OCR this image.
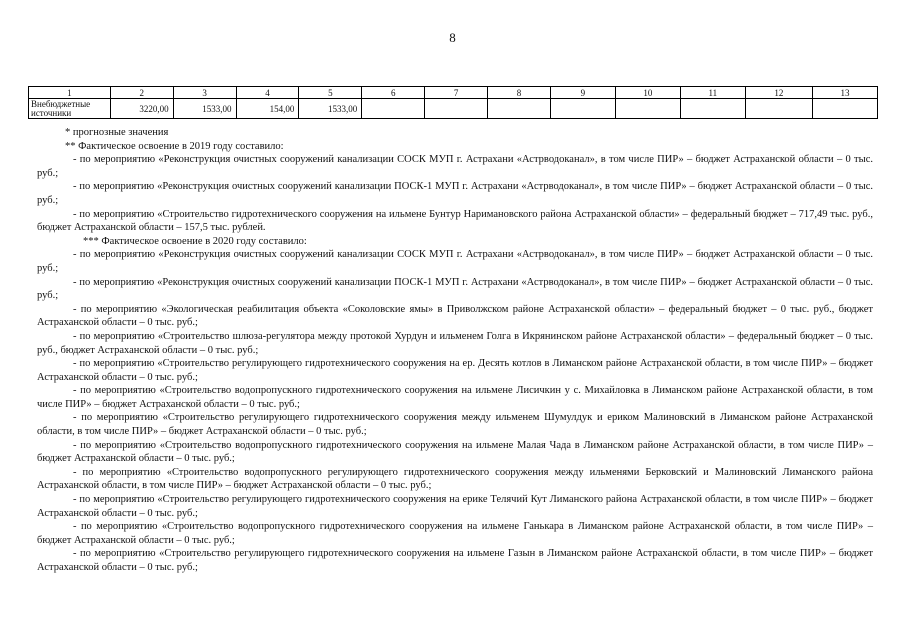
8
1	2	3	4	5	6	7	8	9	10	11	12	13
Внебюджетные источники	3220,00	1533,00	154,00	1533,00								

* прогнозные значения

** Фактическое освоение в 2019 году составило:

- по мероприятию «Реконструкция очистных сооружений канализации СОСК МУП г. Астрахани «Астрводоканал», в том числе ПИР» – бюджет Астраханской области – 0 тыс. руб.;

- по мероприятию «Реконструкция очистных сооружений канализации ПОСК-1 МУП г. Астрахани «Астрводоканал», в том числе ПИР» – бюджет Астраханской области – 0 тыс. руб.;

- по мероприятию «Строительство гидротехнического сооружения на ильмене Бунтур Наримановского района Астраханской области» – федеральный бюджет – 717,49 тыс. руб., бюджет Астраханской области – 157,5 тыс. рублей.

*** Фактическое освоение в 2020 году составило:

- по мероприятию «Реконструкция очистных сооружений канализации СОСК МУП г. Астрахани «Астрводоканал», в том числе ПИР» – бюджет Астраханской области – 0 тыс. руб.;

- по мероприятию «Реконструкция очистных сооружений канализации ПОСК-1 МУП г. Астрахани «Астрводоканал», в том числе ПИР» – бюджет Астраханской области – 0 тыс. руб.;

- по мероприятию «Экологическая реабилитация объекта «Соколовские ямы» в Приволжском районе Астраханской области» – федеральный бюджет – 0 тыс. руб., бюджет Астраханской области – 0 тыс. руб.;

- по мероприятию «Строительство шлюза-регулятора между протокой Хурдун и ильменем Голга в Икрянинском районе Астраханской области» – федеральный бюджет – 0 тыс. руб., бюджет Астраханской области – 0 тыс. руб.;

- по мероприятию «Строительство регулирующего гидротехнического сооружения на ер. Десять котлов в Лиманском районе Астраханской области, в том числе ПИР» – бюджет Астраханской области – 0 тыс. руб.;

- по мероприятию «Строительство водопропускного гидротехнического сооружения на ильмене Лисичкин у с. Михайловка в Лиманском районе Астраханской области, в том числе ПИР» – бюджет Астраханской области – 0 тыс. руб.;

- по мероприятию «Строительство регулирующего гидротехнического сооружения между ильменем Шумулдук и ериком Малиновский в Лиманском районе Астраханской области, в том числе ПИР» – бюджет Астраханской области – 0 тыс. руб.;

- по мероприятию «Строительство водопропускного гидротехнического сооружения на ильмене Малая Чада в Лиманском районе Астраханской области, в том числе ПИР» – бюджет Астраханской области – 0 тыс. руб.;

- по мероприятию «Строительство водопропускного регулирующего гидротехнического сооружения между ильменями Берковский и Малиновский Лиманского района Астраханской области, в том числе ПИР» – бюджет Астраханской области – 0 тыс. руб.;

- по мероприятию «Строительство регулирующего гидротехнического сооружения на ерике Телячий Кут Лиманского района Астраханской области, в том числе ПИР» – бюджет Астраханской области – 0 тыс. руб.;

- по мероприятию «Строительство водопропускного гидротехнического сооружения на ильмене Ганькара в Лиманском районе Астраханской области, в том числе ПИР» – бюджет Астраханской области – 0 тыс. руб.;

- по мероприятию «Строительство регулирующего гидротехнического сооружения на ильмене Газын в Лиманском районе Астраханской области, в том числе ПИР» – бюджет Астраханской области – 0 тыс. руб.;
